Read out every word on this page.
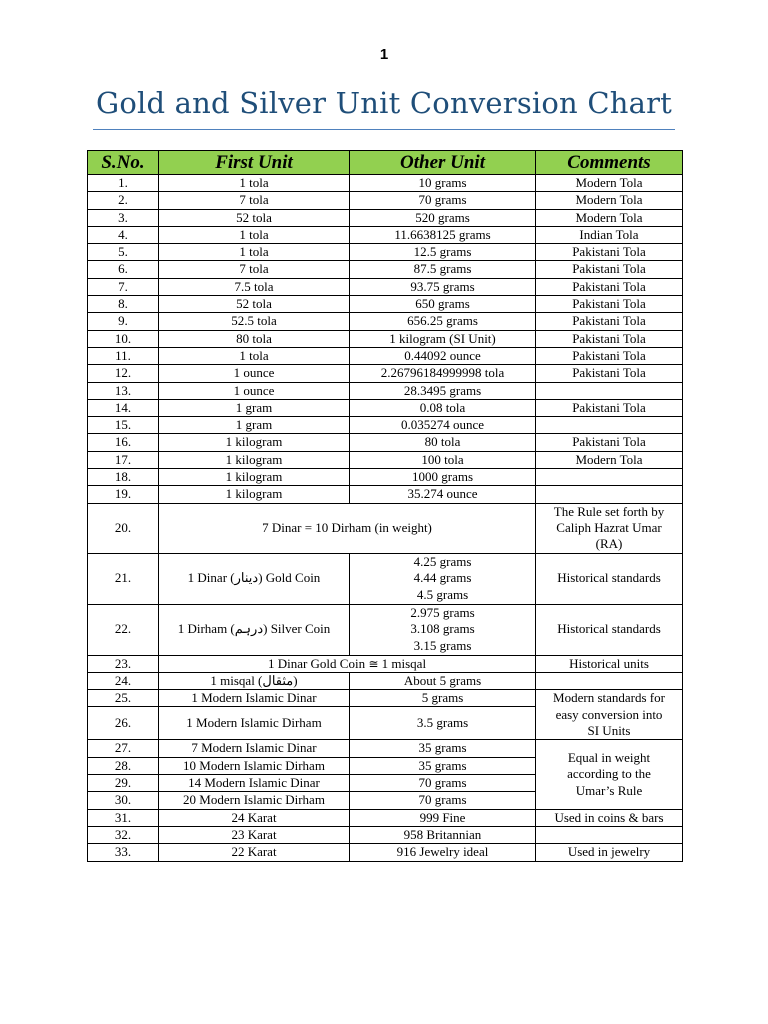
1
Gold and Silver Unit Conversion Chart
S.No.	First Unit	Other Unit	Comments
1.	1 tola	10 grams	Modern Tola
2.	7 tola	70 grams	Modern Tola
3.	52 tola	520 grams	Modern Tola
4.	1 tola	11.6638125 grams	Indian Tola
5.	1 tola	12.5 grams	Pakistani Tola
6.	7 tola	87.5 grams	Pakistani Tola
7.	7.5 tola	93.75 grams	Pakistani Tola
8.	52 tola	650 grams	Pakistani Tola
9.	52.5 tola	656.25 grams	Pakistani Tola
10.	80 tola	1 kilogram (SI Unit)	Pakistani Tola
11.	1 tola	0.44092 ounce	Pakistani Tola
12.	1 ounce	2.26796184999998 tola	Pakistani Tola
13.	1 ounce	28.3495 grams	
14.	1 gram	0.08 tola	Pakistani Tola
15.	1 gram	0.035274 ounce	
16.	1 kilogram	80 tola	Pakistani Tola
17.	1 kilogram	100 tola	Modern Tola
18.	1 kilogram	1000 grams	
19.	1 kilogram	35.274 ounce	
20.	7 Dinar = 10 Dirham (in weight)		The Rule set forth by
Caliph Hazrat Umar
(RA)

21.	1 Dinar (دینار) Gold Coin	4.25 grams
4.44 grams
4.5 grams	Historical standards
22.	1 Dirham (درہم) Silver Coin	2.975 grams
3.108 grams
3.15 grams	Historical standards
23.	1 Dinar Gold Coin ≅ 1 misqal		Historical units
24.	1 misqal (مثقال)	About 5 grams	
25.	1 Modern Islamic Dinar	5 grams	Modern standards for
easy conversion into
SI Units

26.	1 Modern Islamic Dirham	3.5 grams	
27.	7 Modern Islamic Dinar	35 grams	Equal in weight
according to the
Umar’s Rule

28.	10 Modern Islamic Dirham	35 grams	
29.	14 Modern Islamic Dinar	70 grams	
30.	20 Modern Islamic Dirham	70 grams	
31.	24 Karat	999 Fine	Used in coins & bars
32.	23 Karat	958 Britannian	
33.	22 Karat	916 Jewelry ideal	Used in jewelry
